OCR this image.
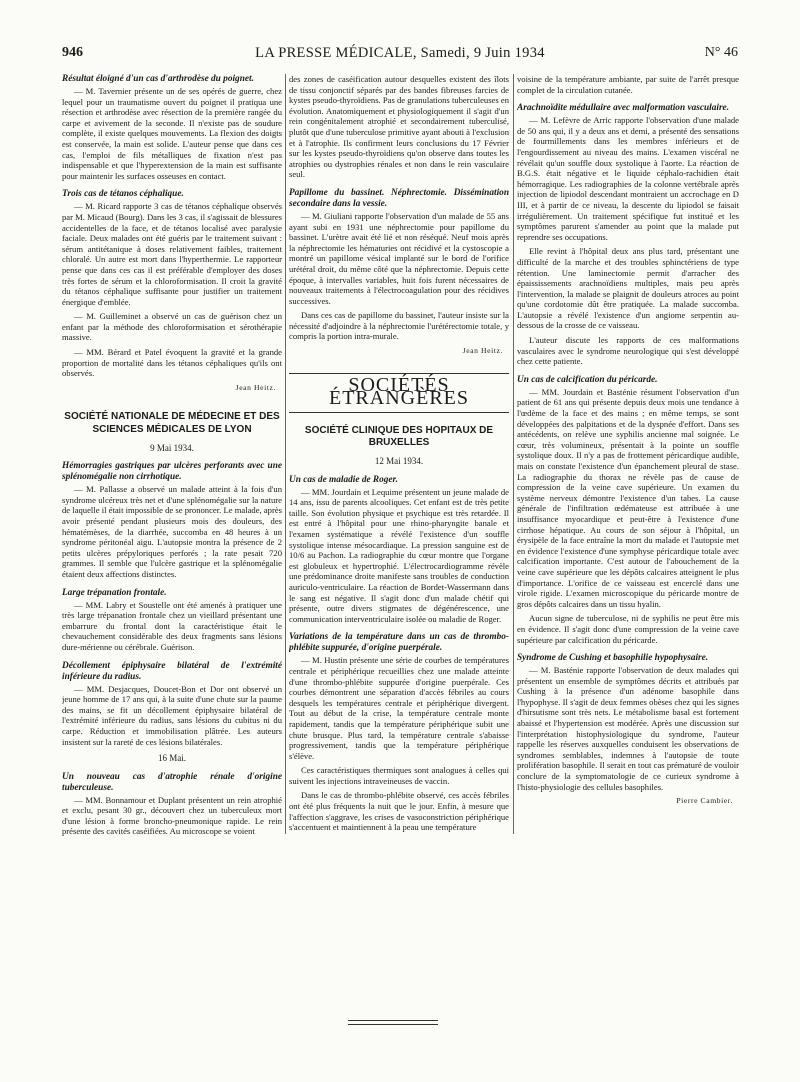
946	LA PRESSE MÉDICALE, Samedi, 9 Juin 1934	N° 46
Résultat éloigné d'un cas d'arthrodèse du poignet.

— M. Tavernier présente un de ses opérés de guerre, chez lequel pour un traumatisme ouvert du poignet il pratiqua une résection et arthrodèse avec résection de la première rangée du carpe et avivement de la seconde. Il n'existe pas de soudure complète, il existe quelques mouvements. La flexion des doigts est conservée, la main est solide. L'auteur pense que dans ces cas, l'emploi de fils métalliques de fixation n'est pas indispensable et que l'hyperextension de la main est suffisante pour maintenir les surfaces osseuses en contact.

Trois cas de tétanos céphalique.

— M. Ricard rapporte 3 cas de tétanos céphalique observés par M. Micaud (Bourg). Dans les 3 cas, il s'agissait de blessures accidentelles de la face, et de tétanos localisé avec paralysie faciale. Deux malades ont été guéris par le traitement suivant : sérum antitétanique à doses relativement faibles, traitement chloralé. Un autre est mort dans l'hyperthermie. Le rapporteur pense que dans ces cas il est préférable d'employer des doses très fortes de sérum et la chloroformisation. Il croit la gravité du tétanos céphalique suffisante pour justifier un traitement énergique d'emblée.

— M. Guilleminet a observé un cas de guérison chez un enfant par la méthode des chloroformisation et sérothérapie massive.

— MM. Bérard et Patel évoquent la gravité et la grande proportion de mortalité dans les tétanos céphaliques qu'ils ont observés.

Jean Heitz.
SOCIÉTÉ NATIONALE DE MÉDECINE ET DES SCIENCES MÉDICALES DE LYON
9 Mai 1934.
Hémorragies gastriques par ulcères perforants avec une splénomégalie non cirrhotique.

— M. Pallasse a observé un malade atteint à la fois d'un syndrome ulcéreux très net et d'une splénomégalie sur la nature de laquelle il était impossible de se prononcer. Le malade, après avoir présenté pendant plusieurs mois des douleurs, des hématémèses, de la diarrhée, succomba en 48 heures à un syndrome péritonéal aigu. L'autopsie montra la présence de 2 petits ulcères prépyloriques perforés ; la rate pesait 720 grammes. Il semble que l'ulcère gastrique et la splénomégalie étaient deux affections distinctes.

Large trépanation frontale.

— MM. Labry et Soustelle ont été amenés à pratiquer une très large trépanation frontale chez un vieillard présentant une embarrure du frontal dont la caractéristique était le chevauchement considérable des deux fragments sans lésions dure-mérienne ou cérébrale. Guérison.

Décollement épiphysaire bilatéral de l'extrémité inférieure du radius.

— MM. Desjacques, Doucet-Bon et Dor ont observé un jeune homme de 17 ans qui, à la suite d'une chute sur la paume des mains, se fit un décollement épiphysaire bilatéral de l'extrémité inférieure du radius, sans lésions du cubitus ni du carpe. Réduction et immobilisation plâtrée. Les auteurs insistent sur la rareté de ces lésions bilatérales.

16 Mai.
Un nouveau cas d'atrophie rénale d'origine tuberculeuse.

— MM. Bonnamour et Duplant présentent un rein atrophié et exclu, pesant 30 gr., découvert chez un tuberculeux mort d'une lésion à forme broncho-pneumonique rapide. Le rein présente des cavités caséifiées. Au microscope se voient

des zones de caséification autour desquelles existent des îlots de tissu conjonctif séparés par des bandes fibreuses farcies de kystes pseudo-thyroïdiens. Pas de granulations tuberculeuses en évolution. Anatomiquement et physiologiquement il s'agit d'un rein congénitalement atrophié et secondairement tuberculisé, plutôt que d'une tuberculose primitive ayant abouti à l'exclusion et à l'atrophie. Ils confirment leurs conclusions du 17 Février sur les kystes pseudo-thyroïdiens qu'on observe dans toutes les atrophies ou dystrophies rénales et non dans le rein vasculaire seul.

Papillome du bassinet. Néphrectomie. Dissémination secondaire dans la vessie.

— M. Giuliani rapporte l'observation d'un malade de 55 ans ayant subi en 1931 une néphrectomie pour papillome du bassinet. L'urètre avait été lié et non réséqué. Neuf mois après la néphrectomie les hématuries ont récidivé et la cystoscopie a montré un papillome vésical implanté sur le bord de l'orifice urétéral droit, du même côté que la néphrectomie. Depuis cette époque, à intervalles variables, huit fois furent nécessaires de nouveaux traitements à l'électrocoagulation pour des récidives successives.

Dans ces cas de papillome du bassinet, l'auteur insiste sur la nécessité d'adjoindre à la néphrectomie l'urétérectomie totale, y compris la portion intra-murale.

Jean Heitz.
SOCIÉTÉS ÉTRANGÈRES
SOCIÉTÉ CLINIQUE DES HOPITAUX DE BRUXELLES
12 Mai 1934.
Un cas de maladie de Roger.

— MM. Jourdain et Lequime présentent un jeune malade de 14 ans, issu de parents alcooliques. Cet enfant est de très petite taille. Son évolution physique et psychique est très retardée. Il est entré à l'hôpital pour une rhino-pharyngite banale et l'examen systématique a révélé l'existence d'un souffle systolique intense mésocardiaque. La pression sanguine est de 10/6 au Pachon. La radiographie du cœur montre que l'organe est globuleux et hypertrophié. L'électrocardiogramme révèle une prédominance droite manifeste sans troubles de conduction auriculo-ventriculaire. La réaction de Bordet-Wassermann dans le sang est négative. Il s'agit donc d'un malade chétif qui présente, outre divers stigmates de dégénérescence, une communication interventriculaire isolée ou maladie de Roger.

Variations de la température dans un cas de thrombo-phlébite suppurée, d'origine puerpérale.

— M. Hustin présente une série de courbes de températures centrale et périphérique recueillies chez une malade atteinte d'une thrombo-phlébite suppurée d'origine puerpérale. Ces courbes démontrent une séparation d'accès fébriles au cours desquels les températures centrale et périphérique divergent. Tout au début de la crise, la température centrale monte rapidement, tandis que la température périphérique subit une chute brusque. Plus tard, la température centrale s'abaisse progressivement, tandis que la température périphérique s'élève.

Ces caractéristiques thermiques sont analogues à celles qui suivent les injections intraveineuses de vaccin.

Dans le cas de thrombo-phlébite observé, ces accès fébriles ont été plus fréquents la nuit que le jour. Enfin, à mesure que l'affection s'aggrave, les crises de vasoconstriction périphérique s'accentuent et maintiennent à la peau une température

voisine de la température ambiante, par suite de l'arrêt presque complet de la circulation cutanée.

Arachnoïdite médullaire avec malformation vasculaire.

— M. Lefèvre de Arric rapporte l'observation d'une malade de 50 ans qui, il y a deux ans et demi, a présenté des sensations de fourmillements dans les membres inférieurs et de l'engourdissement au niveau des mains. L'examen viscéral ne révélait qu'un souffle doux systolique à l'aorte. La réaction de B.G.S. était négative et le liquide céphalo-rachidien était hémorragique. Les radiographies de la colonne vertébrale après injection de lipiodol descendant montraient un accrochage en D III, et à partir de ce niveau, la descente du lipiodol se faisait irrégulièrement. Un traitement spécifique fut institué et les symptômes parurent s'amender au point que la malade put reprendre ses occupations.

Elle revint à l'hôpital deux ans plus tard, présentant une difficulté de la marche et des troubles sphinctériens de type rétention. Une laminectomie permit d'arracher des épaississements arachnoïdiens multiples, mais peu après l'intervention, la malade se plaignit de douleurs atroces au point qu'une cordotomie dût être pratiquée. La malade succomba. L'autopsie a révélé l'existence d'un angiome serpentin au-dessous de la crosse de ce vaisseau.

L'auteur discute les rapports de ces malformations vasculaires avec le syndrome neurologique qui s'est développé chez cette patiente.

Un cas de calcification du péricarde.

— MM. Jourdain et Basténie résument l'observation d'un patient de 61 ans qui présente depuis deux mois une tendance à l'œdème de la face et des mains ; en même temps, se sont développées des palpitations et de la dyspnée d'effort. Dans ses antécédents, on relève une syphilis ancienne mal soignée. Le cœur, très volumineux, présentait à la pointe un souffle systolique doux. Il n'y a pas de frottement péricardique audible, mais on constate l'existence d'un épanchement pleural de stase. La radiographie du thorax ne révèle pas de cause de compression de la veine cave supérieure. Un examen du système nerveux démontre l'existence d'un tabes. La cause générale de l'infiltration œdémateuse est attribuée à une insuffisance myocardique et peut-être à l'existence d'une cirrhose hépatique. Au cours de son séjour à l'hôpital, un érysipèle de la face entraîne la mort du malade et l'autopsie met en évidence l'existence d'une symphyse péricardique totale avec calcification importante. C'est autour de l'abouchement de la veine cave supérieure que les dépôts calcaires atteignent le plus d'importance. L'orifice de ce vaisseau est encerclé dans une virole rigide. L'examen microscopique du péricarde montre de gros dépôts calcaires dans un tissu hyalin.

Aucun signe de tuberculose, ni de syphilis ne peut être mis en évidence. Il s'agit donc d'une compression de la veine cave supérieure par calcification du péricarde.

Syndrome de Cushing et basophilie hypophysaire.

— M. Basténie rapporte l'observation de deux malades qui présentent un ensemble de symptômes décrits et attribués par Cushing à la présence d'un adénome basophile dans l'hypophyse. Il s'agit de deux femmes obèses chez qui les signes d'hirsutisme sont très nets. Le métabolisme basal est fortement abaissé et l'hypertension est modérée. Après une discussion sur l'interprétation histophysiologique du syndrome, l'auteur rappelle les réserves auxquelles conduisent les observations de syndromes semblables, indemnes à l'autopsie de toute prolifération basophile. Il serait en tout cas prématuré de vouloir conclure de la symptomatologie de ce curieux syndrome à l'histo-physiologie des cellules basophiles.

Pierre Cambier.
